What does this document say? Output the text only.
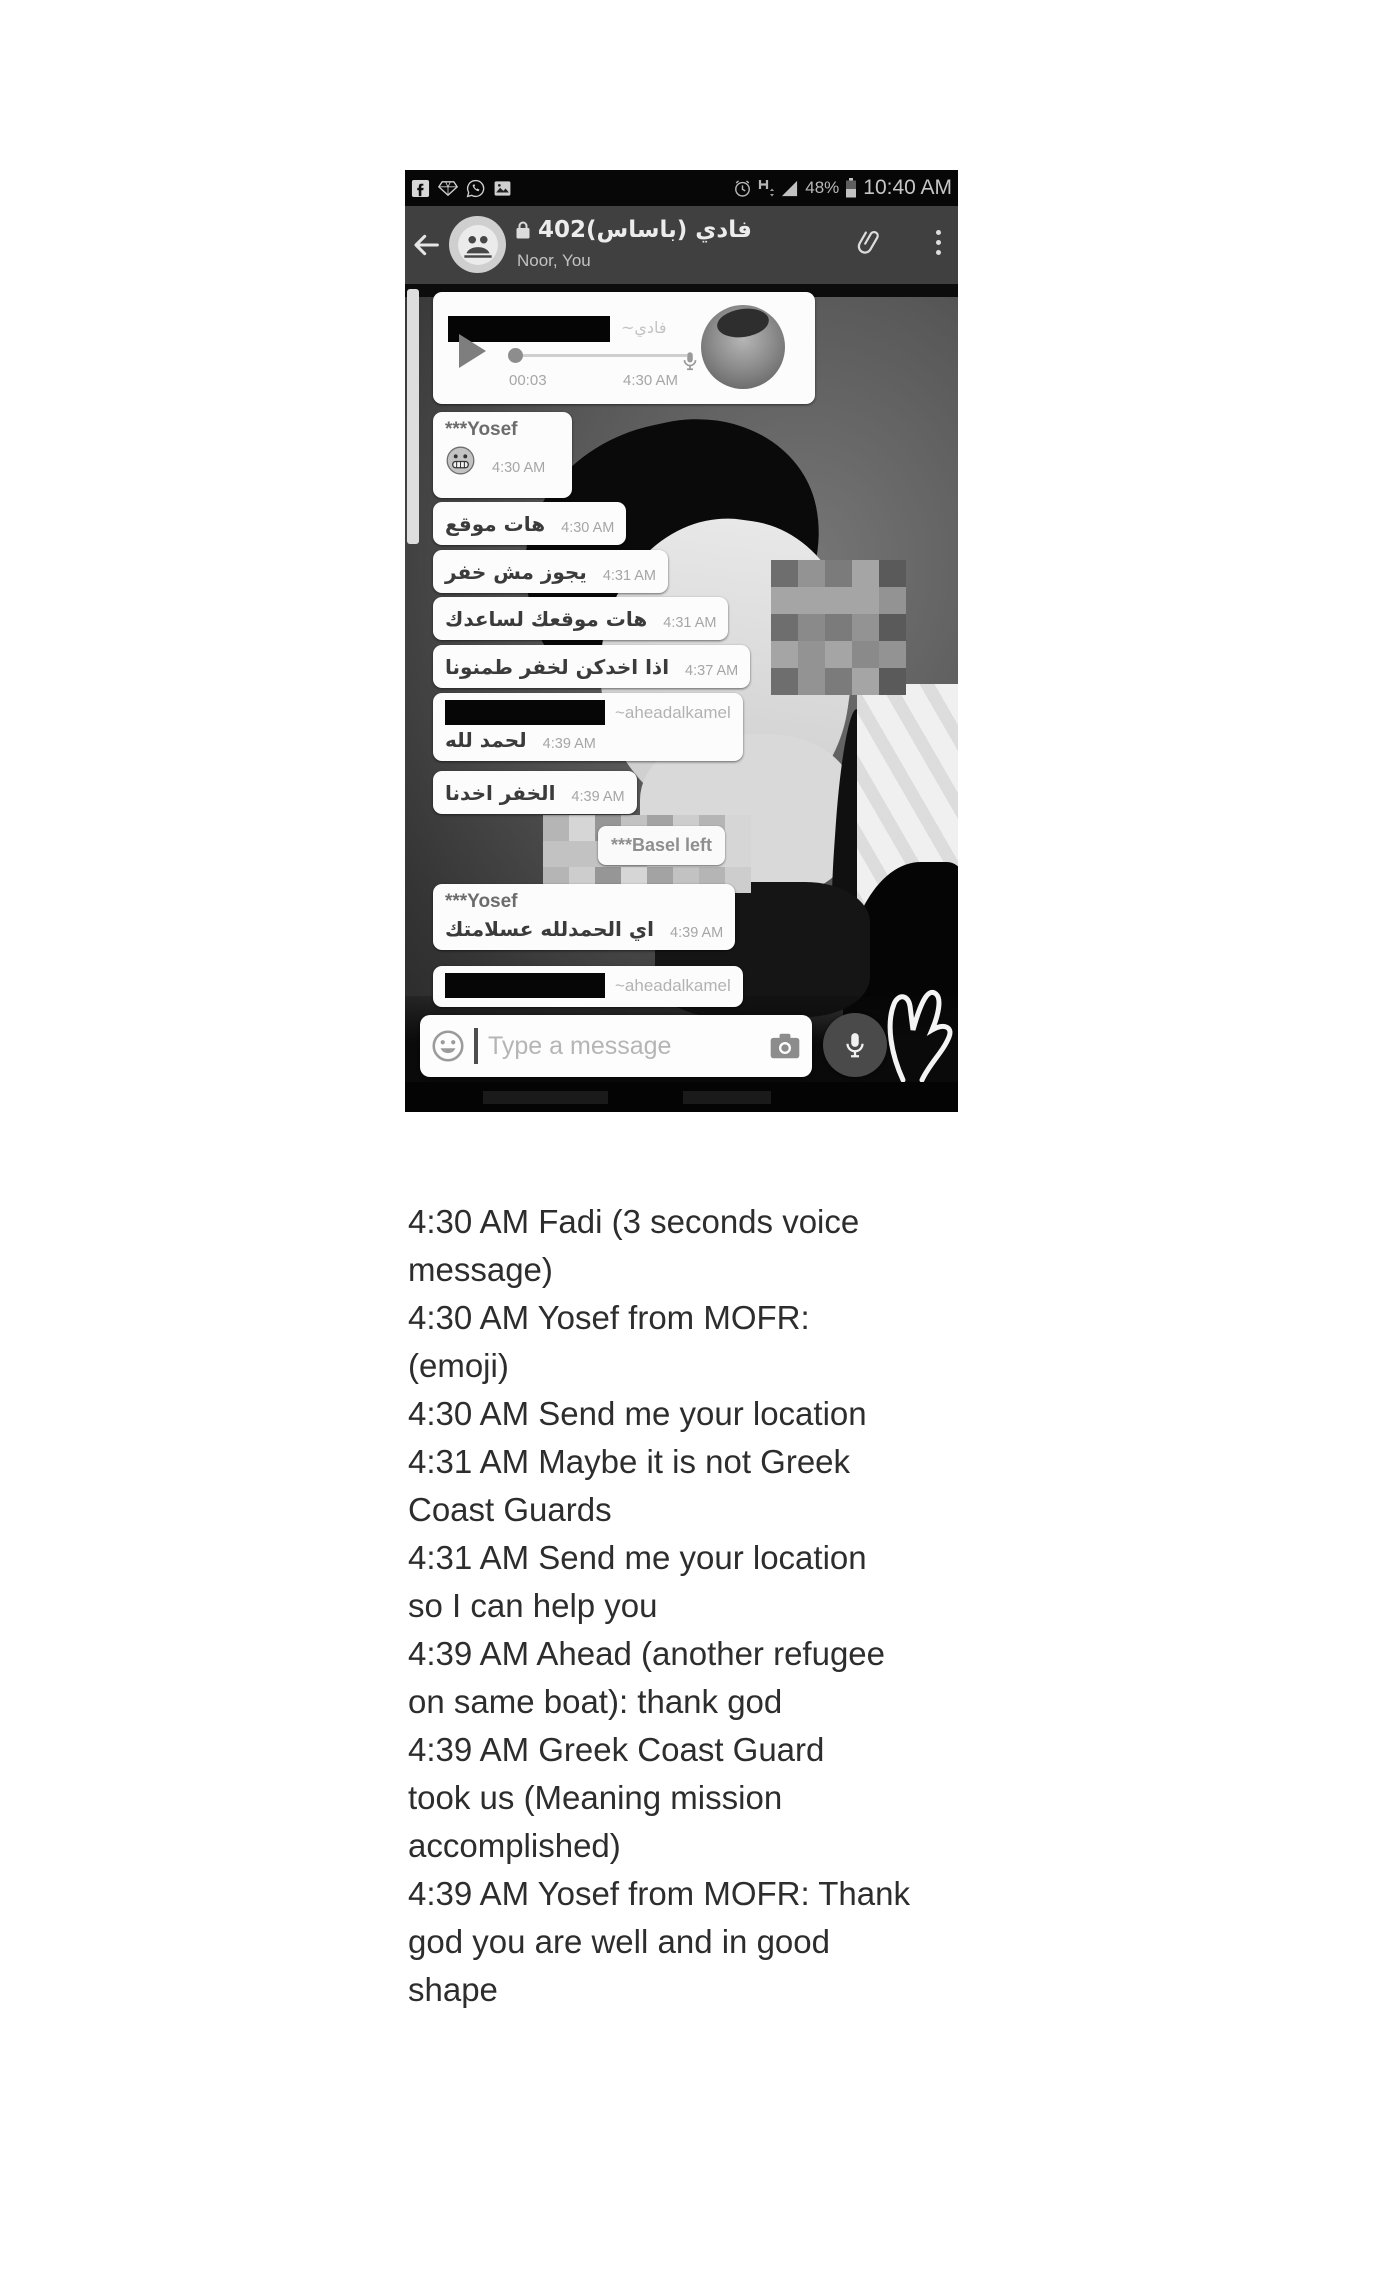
48% 10:40 AM
فادي (باساس)402
Noor, You
~فادي
00:03	4:30 AM
***Yosef
4:30 AM
هات موقع 4:30 AM
يجوز مش خفر 4:31 AM
هات موقعك لساعدك 4:31 AM
اذا اخدكن لخفر طمنونا 4:37 AM
~aheadalkamel
لحمد لله 4:39 AM
الخفر اخدنا 4:39 AM
***Basel left
***Yosef
اي الحمدلله عسلامتك 4:39 AM
~aheadalkamel
Type a message
4:30 AM Fadi (3 seconds voice
message)
4:30 AM Yosef from MOFR:
(emoji)
4:30 AM Send me your location
4:31 AM Maybe it is not Greek
Coast Guards
4:31 AM Send me your location
so I can help you
4:39 AM Ahead (another refugee
on same boat): thank god
4:39 AM Greek Coast Guard
took us (Meaning mission
accomplished)
4:39 AM Yosef from MOFR: Thank
god you are well and in good
shape
